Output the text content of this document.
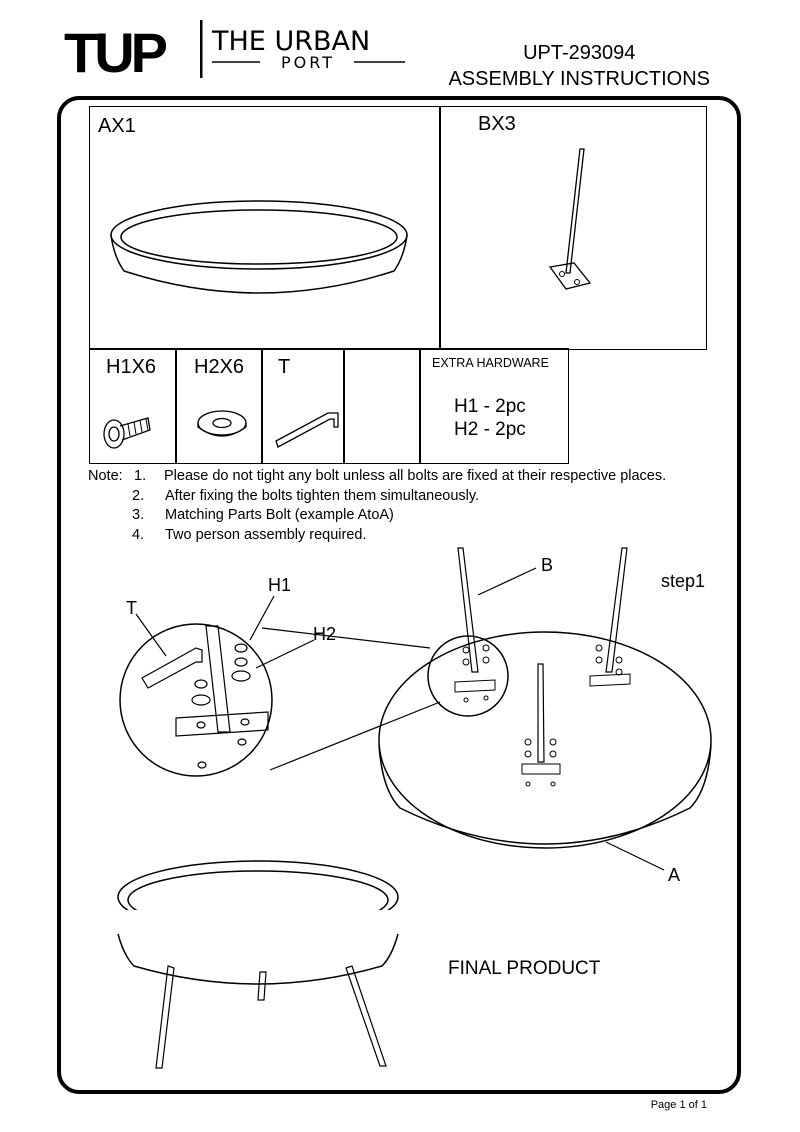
TUP THE URBAN
PORT	UPT-293094
ASSEMBLY INSTRUCTIONS
AX1	BX3
H1X6 H2X6 T	EXTRA HARDWARE
H1 - 2pc
H2 - 2pc
Note: 1.	Please do not tight any bolt unless all bolts are fixed at their respective places.
2.	After fixing the bolts tighten them simultaneously.
3.	Matching Parts Bolt (example AtoA)
4.	Two person assembly required.
B
A
T
H1
H2
step1
FINAL PRODUCT
Page 1 of 1
